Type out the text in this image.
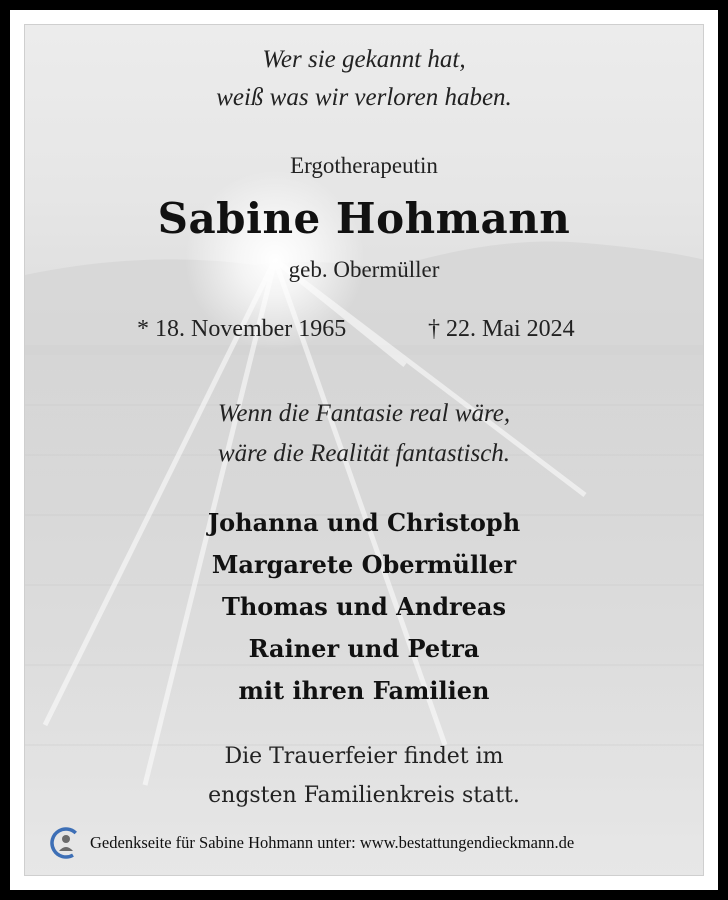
Wer sie gekannt hat,
weiß was wir verloren haben.
Ergotherapeutin
Sabine Hohmann
geb. Obermüller
* 18. November 1965	† 22. Mai 2024
Wenn die Fantasie real wäre,
wäre die Realität fantastisch.
Johanna und Christoph
Margarete Obermüller
Thomas und Andreas
Rainer und Petra
mit ihren Familien
Die Trauerfeier findet im
engsten Familienkreis statt.
Gedenkseite für Sabine Hohmann unter: www.bestattungendieckmann.de
